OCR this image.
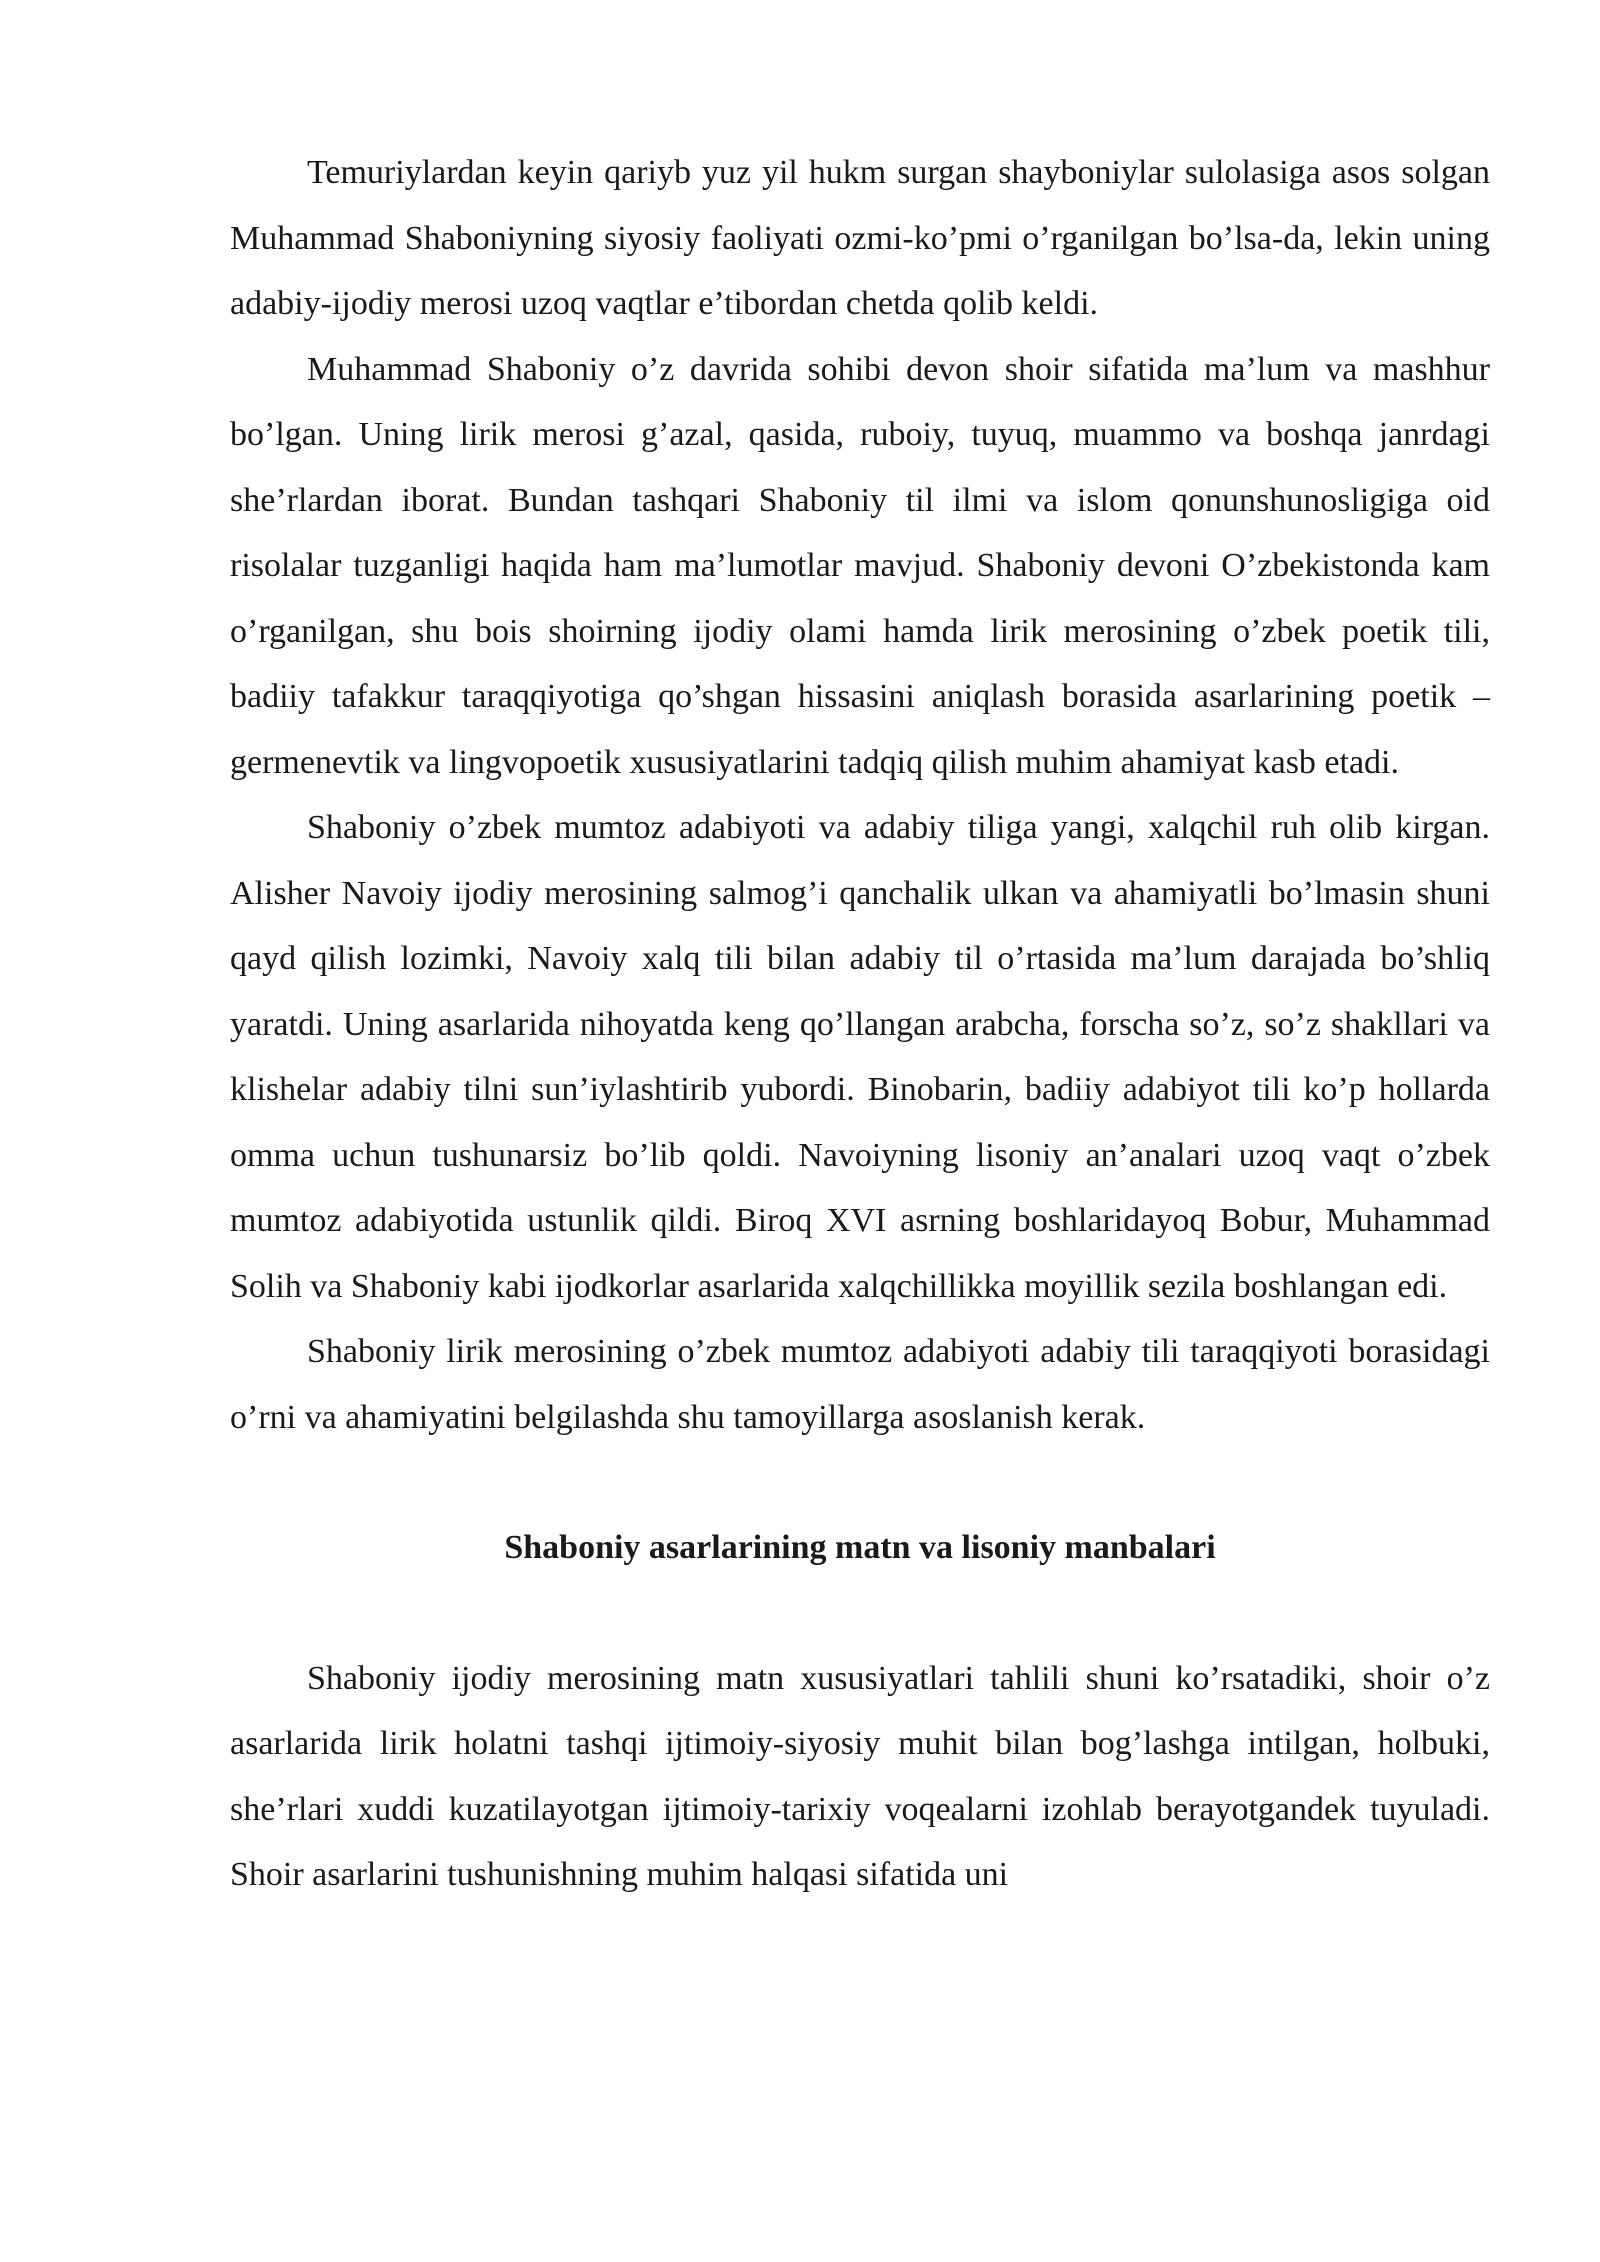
Temuriylardan keyin qariyb yuz yil hukm surgan shayboniylar sulolasiga asos solgan Muhammad Shaboniyning siyosiy faoliyati ozmi-ko’pmi o’rganilgan bo’lsa-da, lekin uning adabiy-ijodiy merosi uzoq vaqtlar e’tibordan chetda qolib keldi.

Muhammad Shaboniy o’z davrida sohibi devon shoir sifatida ma’lum va mashhur bo’lgan. Uning lirik merosi g’azal, qasida, ruboiy, tuyuq, muammo va boshqa janrdagi she’rlardan iborat. Bundan tashqari Shaboniy til ilmi va islom qonunshunosligiga oid risolalar tuzganligi haqida ham ma’lumotlar mavjud. Shaboniy devoni O’zbekistonda kam o’rganilgan, shu bois shoirning ijodiy olami hamda lirik merosining o’zbek poetik tili, badiiy tafakkur taraqqiyotiga qo’shgan hissasini aniqlash borasida asarlarining poetik – germenevtik va lingvopoetik xususiyatlarini tadqiq qilish muhim ahamiyat kasb etadi.

Shaboniy o’zbek mumtoz adabiyoti va adabiy tiliga yangi, xalqchil ruh olib kirgan. Alisher Navoiy ijodiy merosining salmog’i qanchalik ulkan va ahamiyatli bo’lmasin shuni qayd qilish lozimki, Navoiy xalq tili bilan adabiy til o’rtasida ma’lum darajada bo’shliq yaratdi. Uning asarlarida nihoyatda keng qo’llangan arabcha, forscha so’z, so’z shakllari va klishelar adabiy tilni sun’iylashtirib yubordi. Binobarin, badiiy adabiyot tili ko’p hollarda omma uchun tushunarsiz bo’lib qoldi. Navoiyning lisoniy an’analari uzoq vaqt o’zbek mumtoz adabiyotida ustunlik qildi. Biroq XVI asrning boshlaridayoq Bobur, Muhammad Solih va Shaboniy kabi ijodkorlar asarlarida xalqchillikka moyillik sezila boshlangan edi.

Shaboniy lirik merosining o’zbek mumtoz adabiyoti adabiy tili taraqqiyoti borasidagi o’rni va ahamiyatini belgilashda shu tamoyillarga asoslanish kerak.

Shaboniy asarlarining matn va lisoniy manbalari

Shaboniy ijodiy merosining matn xususiyatlari tahlili shuni ko’rsatadiki, shoir o’z asarlarida lirik holatni tashqi ijtimoiy-siyosiy muhit bilan bog’lashga intilgan, holbuki, she’rlari xuddi kuzatilayotgan ijtimoiy-tarixiy voqealarni izohlab berayotgandek tuyuladi. Shoir asarlarini tushunishning muhim halqasi sifatida uni
